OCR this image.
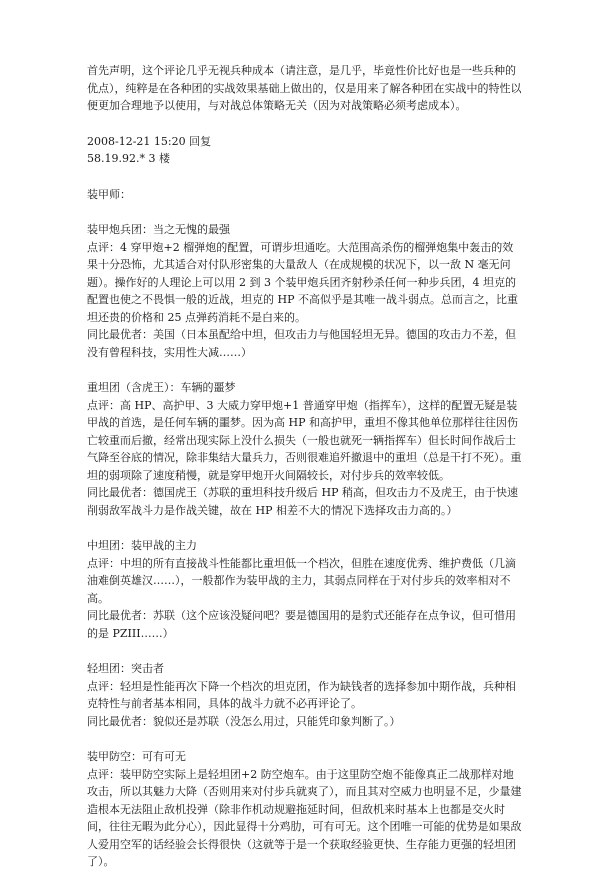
首先声明，这个评论几乎无视兵种成本（请注意，是几乎，毕竟性价比好也是一些兵种的优点），纯粹是在各种团的实战效果基础上做出的，仅是用来了解各种团在实战中的特性以便更加合理地予以使用，与对战总体策略无关（因为对战策略必须考虑成本）。

2008-12-21 15:20 回复

58.19.92.* 3 楼

装甲师：

装甲炮兵团：当之无愧的最强

点评：4 穿甲炮+2 榴弹炮的配置，可谓步坦通吃。大范围高杀伤的榴弹炮集中轰击的效果十分恐怖，尤其适合对付队形密集的大量敌人（在成规模的状况下，以一敌 N 毫无问题）。操作好的人理论上可以用 2 到 3 个装甲炮兵团齐射秒杀任何一种步兵团，4 坦克的配置也使之不畏惧一般的近战，坦克的 HP 不高似乎是其唯一战斗弱点。总而言之，比重坦还贵的价格和 25 点弹药消耗不是白来的。

同比最优者：美国（日本虽配给中坦，但攻击力与他国轻坦无异。德国的攻击力不差，但没有曾程科技，实用性大减……）

重坦团（含虎王）：车辆的噩梦

点评：高 HP、高护甲、3 大威力穿甲炮+1 普通穿甲炮（指挥车），这样的配置无疑是装甲战的首选，是任何车辆的噩梦。因为高 HP 和高护甲，重坦不像其他单位那样往往因伤亡较重而后撤，经常出现实际上没什么损失（一般也就死一辆指挥车）但长时间作战后士气降至谷底的情况，除非集结大量兵力，否则很难追歼撤退中的重坦（总是干打不死）。重坦的弱项除了速度稍慢，就是穿甲炮开火间隔较长，对付步兵的效率较低。

同比最优者：德国虎王（苏联的重坦科技升级后 HP 稍高，但攻击力不及虎王，由于快速削弱敌军战斗力是作战关键，故在 HP 相差不大的情况下选择攻击力高的。）

中坦团：装甲战的主力

点评：中坦的所有直接战斗性能都比重坦低一个档次，但胜在速度优秀、维护费低（几滴油难倒英雄汉……），一般都作为装甲战的主力，其弱点同样在于对付步兵的效率相对不高。

同比最优者：苏联（这个应该没疑问吧？要是德国用的是豹式还能存在点争议，但可惜用的是 PZIII……）

轻坦团：突击者

点评：轻坦是性能再次下降一个档次的坦克团，作为缺钱者的选择参加中期作战，兵种相克特性与前者基本相同，具体的战斗力就不必再评论了。

同比最优者：貌似还是苏联（没怎么用过，只能凭印象判断了。）

装甲防空：可有可无

点评：装甲防空实际上是轻坦团+2 防空炮车。由于这里防空炮不能像真正二战那样对地攻击，所以其魅力大降（否则用来对付步兵就爽了），而且其对空威力也明显不足，少量建造根本无法阻止敌机投弹（除非作机动规避拖延时间，但敌机来时基本上也都是交火时间，往往无暇为此分心），因此显得十分鸡肋，可有可无。这个团唯一可能的优势是如果敌人爱用空军的话经验会长得很快（这就等于是一个获取经验更快、生存能力更强的轻坦团了）。
